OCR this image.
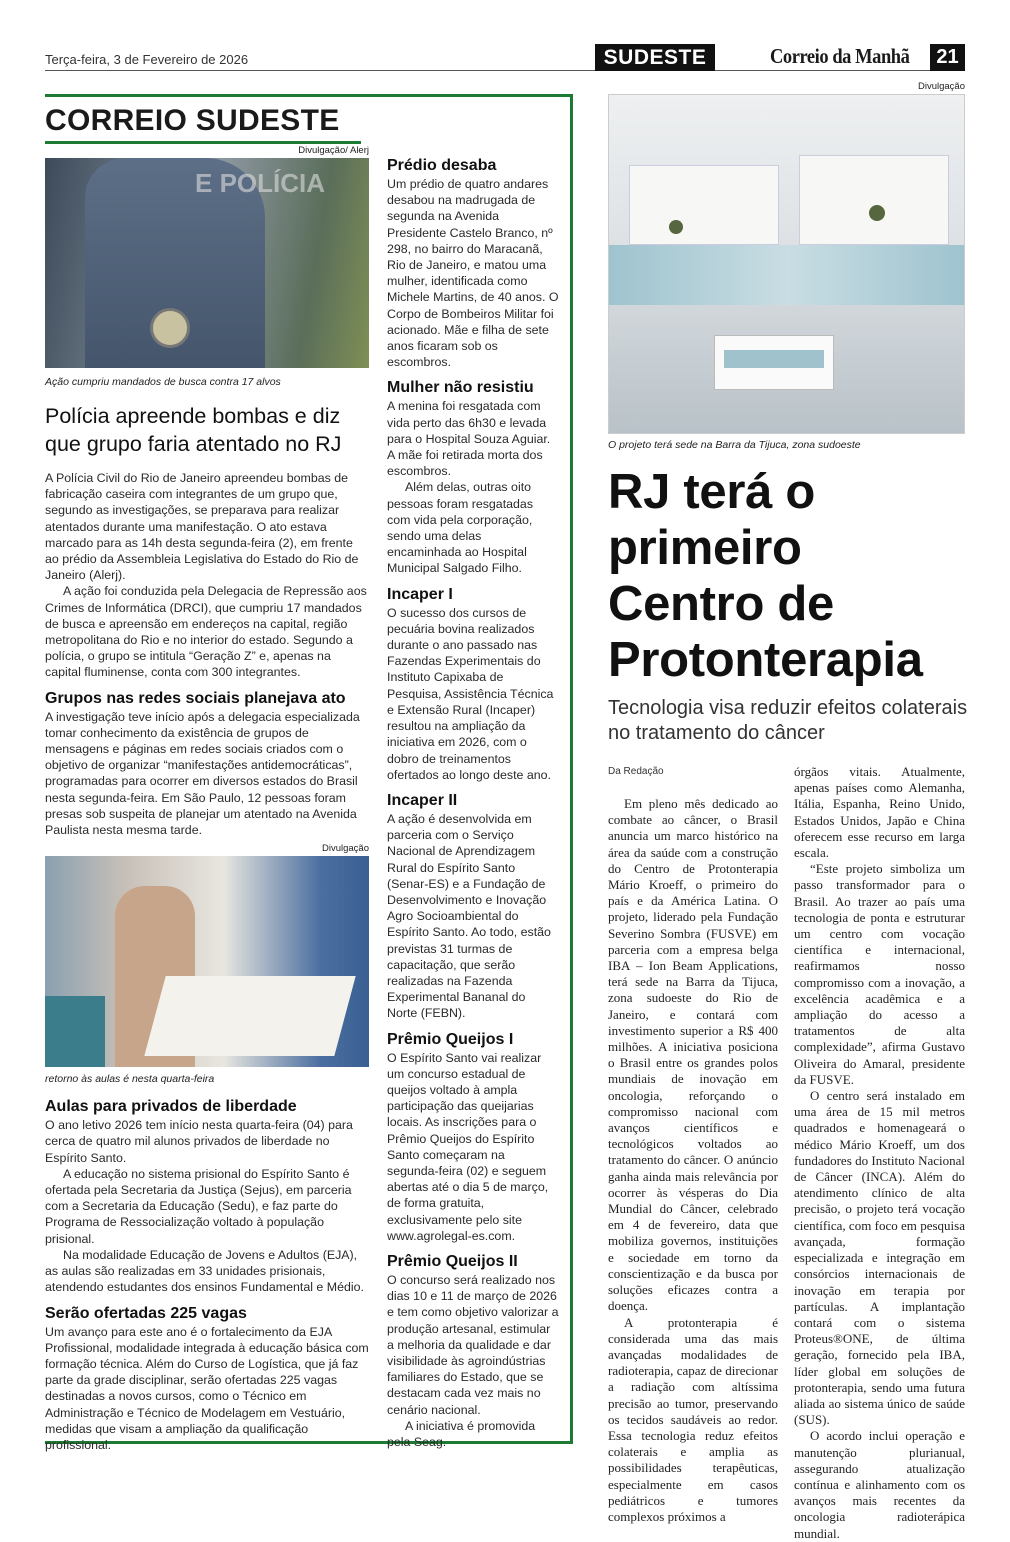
Terça-feira, 3 de Fevereiro de 2026	SUDESTE	Correio da Manhã	21
CORREIO SUDESTE
Divulgação/ Alerj
E POLÍCIA
Ação cumpriu mandados de busca contra 17 alvos
Polícia apreende bombas e diz que grupo faria atentado no RJ

A Polícia Civil do Rio de Janeiro apreendeu bombas de fabricação caseira com integrantes de um grupo que, segundo as investigações, se preparava para realizar atentados durante uma manifestação. O ato estava marcado para as 14h desta segunda-feira (2), em frente ao prédio da Assembleia Legislativa do Estado do Rio de Janeiro (Alerj).

A ação foi conduzida pela Delegacia de Repressão aos Crimes de Informática (DRCI), que cumpriu 17 mandados de busca e apreensão em endereços na capital, região metropolitana do Rio e no interior do estado. Segundo a polícia, o grupo se intitula “Geração Z” e, apenas na capital fluminense, conta com 300 integrantes.

Grupos nas redes sociais planejava ato

A investigação teve início após a delegacia especializada tomar conhecimento da existência de grupos de mensagens e páginas em redes sociais criados com o objetivo de organizar “manifestações antidemocráticas”, programadas para ocorrer em diversos estados do Brasil nesta segunda-feira. Em São Paulo, 12 pessoas foram presas sob suspeita de planejar um atentado na Avenida Paulista nesta mesma tarde.

Divulgação
retorno às aulas é nesta quarta-feira
Aulas para privados de liberdade

O ano letivo 2026 tem início nesta quarta-feira (04) para cerca de quatro mil alunos privados de liberdade no Espírito Santo.

A educação no sistema prisional do Espírito Santo é ofertada pela Secretaria da Justiça (Sejus), em parceria com a Secretaria da Educação (Sedu), e faz parte do Programa de Ressocialização voltado à população prisional.

Na modalidade Educação de Jovens e Adultos (EJA), as aulas são realizadas em 33 unidades prisionais, atendendo estudantes dos ensinos Fundamental e Médio.

Serão ofertadas 225 vagas

Um avanço para este ano é o fortalecimento da EJA Profissional, modalidade integrada à educação básica com formação técnica. Além do Curso de Logística, que já faz parte da grade disciplinar, serão ofertadas 225 vagas destinadas a novos cursos, como o Técnico em Administração e Técnico de Modelagem em Vestuário, medidas que visam a ampliação da qualificação profissional.

Prédio desaba

Um prédio de quatro andares desabou na madrugada de segunda na Avenida Presidente Castelo Branco, nº 298, no bairro do Maracanã, Rio de Janeiro, e matou uma mulher, identificada como Michele Martins, de 40 anos. O Corpo de Bombeiros Militar foi acionado. Mãe e filha de sete anos ficaram sob os escombros.

Mulher não resistiu

A menina foi resgatada com vida perto das 6h30 e levada para o Hospital Souza Aguiar. A mãe foi retirada morta dos escombros.

Além delas, outras oito pessoas foram resgatadas com vida pela corporação, sendo uma delas encaminhada ao Hospital Municipal Salgado Filho.

Incaper I

O sucesso dos cursos de pecuária bovina realizados durante o ano passado nas Fazendas Experimentais do Instituto Capixaba de Pesquisa, Assistência Técnica e Extensão Rural (Incaper) resultou na ampliação da iniciativa em 2026, com o dobro de treinamentos ofertados ao longo deste ano.

Incaper II

A ação é desenvolvida em parceria com o Serviço Nacional de Aprendizagem Rural do Espírito Santo (Senar-ES) e a Fundação de Desenvolvimento e Inovação Agro Socioambiental do Espírito Santo. Ao todo, estão previstas 31 turmas de capacitação, que serão realizadas na Fazenda Experimental Bananal do Norte (FEBN).

Prêmio Queijos I

O Espírito Santo vai realizar um concurso estadual de queijos voltado à ampla participação das queijarias locais. As inscrições para o Prêmio Queijos do Espírito Santo começaram na segunda-feira (02) e seguem abertas até o dia 5 de março, de forma gratuita, exclusivamente pelo site www.agrolegal-es.com.

Prêmio Queijos II

O concurso será realizado nos dias 10 e 11 de março de 2026 e tem como objetivo valorizar a produção artesanal, estimular a melhoria da qualidade e dar visibilidade às agroindústrias familiares do Estado, que se destacam cada vez mais no cenário nacional.

A iniciativa é promovida pela Seag.

Divulgação
O projeto terá sede na Barra da Tijuca, zona sudoeste
RJ terá o primeiro Centro de Protonterapia
Tecnologia visa reduzir efeitos colaterais no tratamento do câncer
Da Redação

Em pleno mês dedicado ao combate ao câncer, o Brasil anuncia um marco histórico na área da saúde com a construção do Centro de Protonterapia Mário Kroeff, o primeiro do país e da América Latina. O projeto, liderado pela Fundação Severino Sombra (FUSVE) em parceria com a empresa belga IBA – Ion Beam Applications, terá sede na Barra da Tijuca, zona sudoeste do Rio de Janeiro, e contará com investimento superior a R$ 400 milhões. A iniciativa posiciona o Brasil entre os grandes polos mundiais de inovação em oncologia, reforçando o compromisso nacional com avanços científicos e tecnológicos voltados ao tratamento do câncer. O anúncio ganha ainda mais relevância por ocorrer às vésperas do Dia Mundial do Câncer, celebrado em 4 de fevereiro, data que mobiliza governos, instituições e sociedade em torno da conscientização e da busca por soluções eficazes contra a doença.

A protonterapia é considerada uma das mais avançadas modalidades de radioterapia, capaz de direcionar a radiação com altíssima precisão ao tumor, preservando os tecidos saudáveis ao redor. Essa tecnologia reduz efeitos colaterais e amplia as possibilidades terapêuticas, especialmente em casos pediátricos e tumores complexos próximos a

órgãos vitais. Atualmente, apenas países como Alemanha, Itália, Espanha, Reino Unido, Estados Unidos, Japão e China oferecem esse recurso em larga escala.

“Este projeto simboliza um passo transformador para o Brasil. Ao trazer ao país uma tecnologia de ponta e estruturar um centro com vocação científica e internacional, reafirmamos nosso compromisso com a inovação, a excelência acadêmica e a ampliação do acesso a tratamentos de alta complexidade”, afirma Gustavo Oliveira do Amaral, presidente da FUSVE.

O centro será instalado em uma área de 15 mil metros quadrados e homenageará o médico Mário Kroeff, um dos fundadores do Instituto Nacional de Câncer (INCA). Além do atendimento clínico de alta precisão, o projeto terá vocação científica, com foco em pesquisa avançada, formação especializada e integração em consórcios internacionais de inovação em terapia por partículas. A implantação contará com o sistema Proteus®ONE, de última geração, fornecido pela IBA, líder global em soluções de protonterapia, sendo uma futura aliada ao sistema único de saúde (SUS).

O acordo inclui operação e manutenção plurianual, assegurando atualização contínua e alinhamento com os avanços mais recentes da oncologia radioterápica mundial.
